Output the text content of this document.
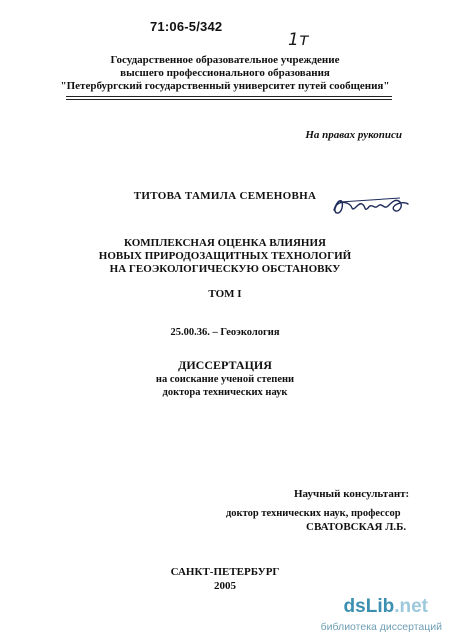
71:06-5/342
1т
Государственное образовательное учреждение
высшего профессионального образования
"Петербургский государственный университет путей сообщения"
На правах рукописи
ТИТОВА ТАМИЛА СЕМЕНОВНА
КОМПЛЕКСНАЯ ОЦЕНКА ВЛИЯНИЯ
НОВЫХ ПРИРОДОЗАЩИТНЫХ ТЕХНОЛОГИЙ
НА ГЕОЭКОЛОГИЧЕСКУЮ ОБСТАНОВКУ
ТОМ I
25.00.36. – Геоэкология
ДИССЕРТАЦИЯ
на соискание ученой степени
доктора технических наук
Научный консультант:
доктор технических наук, профессор
СВАТОВСКАЯ Л.Б.
САНКТ-ПЕТЕРБУРГ
2005
dsLib.net
библиотека диссертаций
